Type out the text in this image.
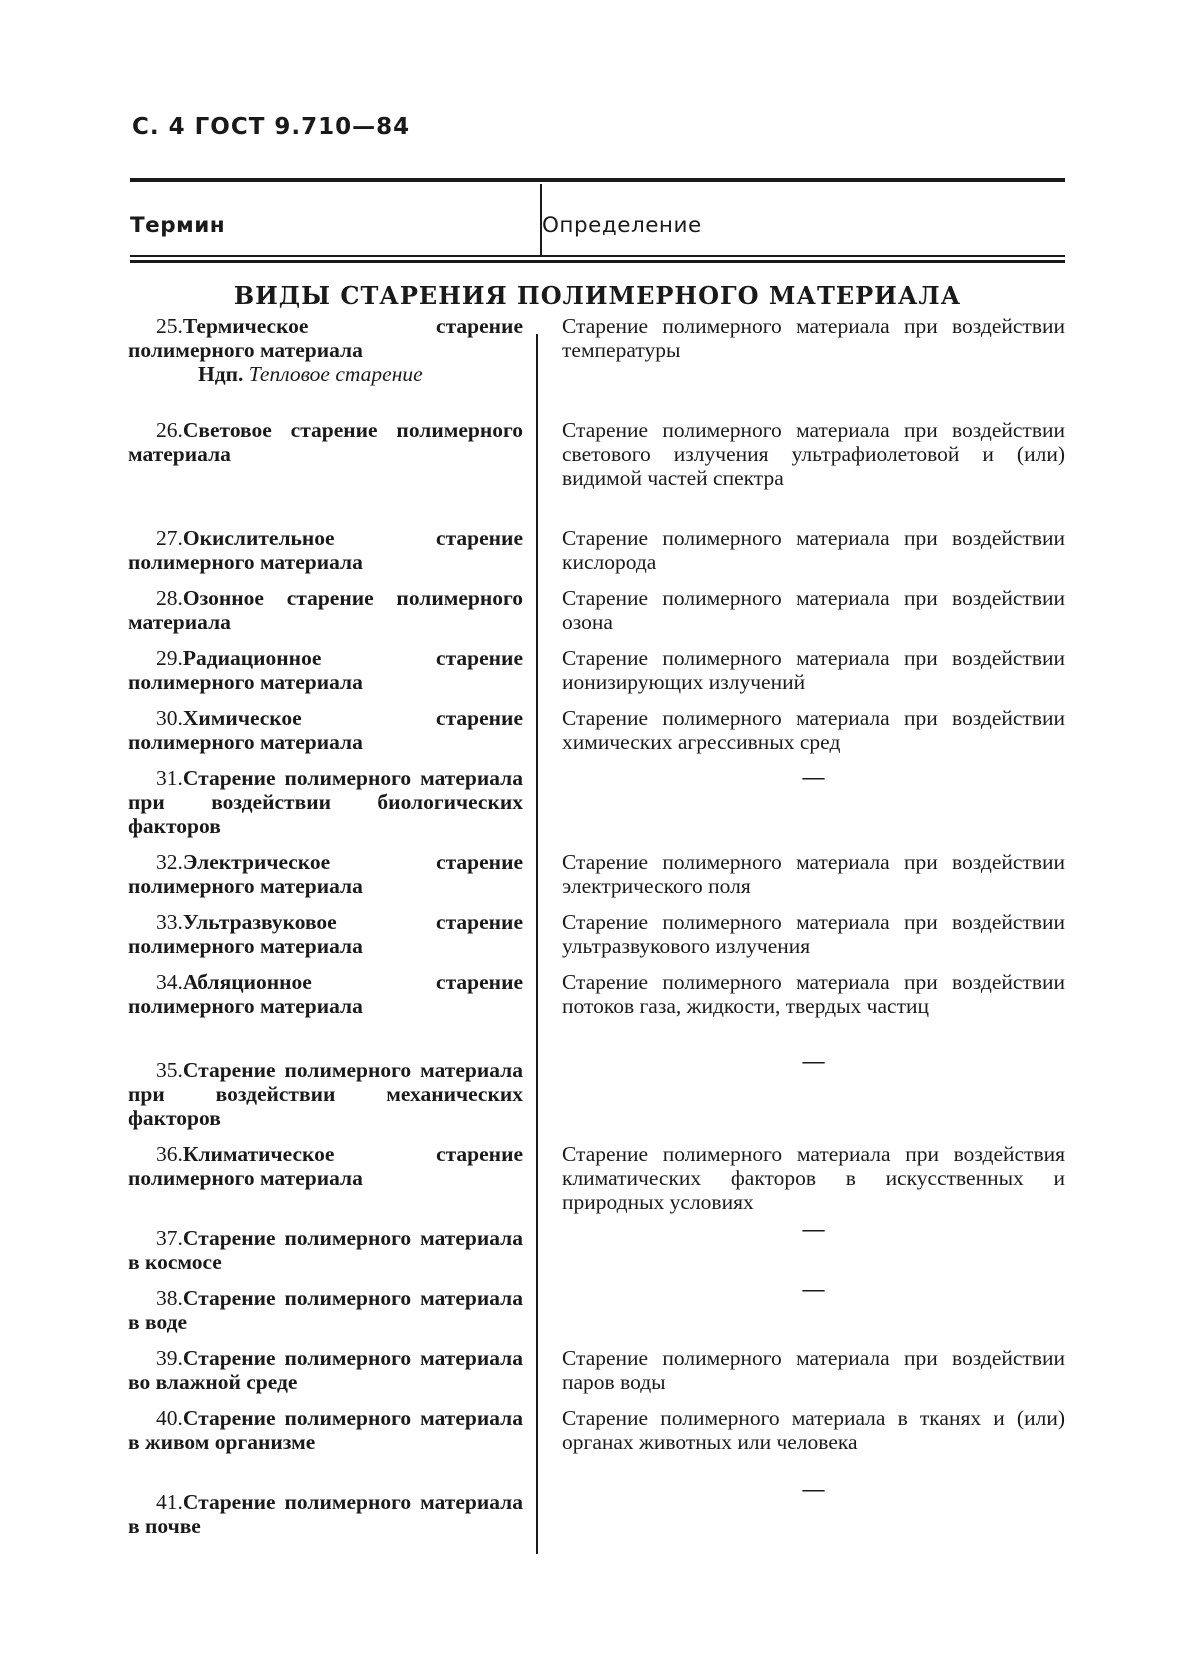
С. 4 ГОСТ 9.710—84
Термин	Определение
ВИДЫ СТАРЕНИЯ ПОЛИМЕРНОГО МАТЕРИАЛА
25.Термическое старение полимерного материала
Ндп. Тепловое старение
Старение полимерного материала при воздействии температуры
26.Световое старение полимерного материала
Старение полимерного материала при воздействии светового излучения ультрафиолетовой и (или) видимой частей спектра
27.Окислительное старение полимерного материала
Старение полимерного материала при воздействии кислорода
28.Озонное старение полимерного материала
Старение полимерного материала при воздействии озона
29.Радиационное старение полимерного материала
Старение полимерного материала при воздействии ионизирующих излучений
30.Химическое старение полимерного материала
Старение полимерного материала при воздействии химических агрессивных сред
31.Старение полимерного материала при воздействии биологических факторов
—
32.Электрическое старение полимерного материала
Старение полимерного материала при воздействии электрического поля
33.Ультразвуковое старение полимерного материала
Старение полимерного материала при воздействии ультразвукового излучения
34.Абляционное старение полимерного материала
Старение полимерного материала при воздействии потоков газа, жидкости, твердых частиц
35.Старение полимерного материала при воздействии механических факторов
—
36.Климатическое старение полимерного материала
Старение полимерного материала при воздействия климатических факторов в искусственных и природных условиях
37.Старение полимерного материала в космосе
—
38.Старение полимерного материала в воде
—
39.Старение полимерного материала во влажной среде
Старение полимерного материала при воздействии паров воды
40.Старение полимерного материала в живом организме
Старение полимерного материала в тканях и (или) органах животных или человека
41.Старение полимерного материала в почве
—
